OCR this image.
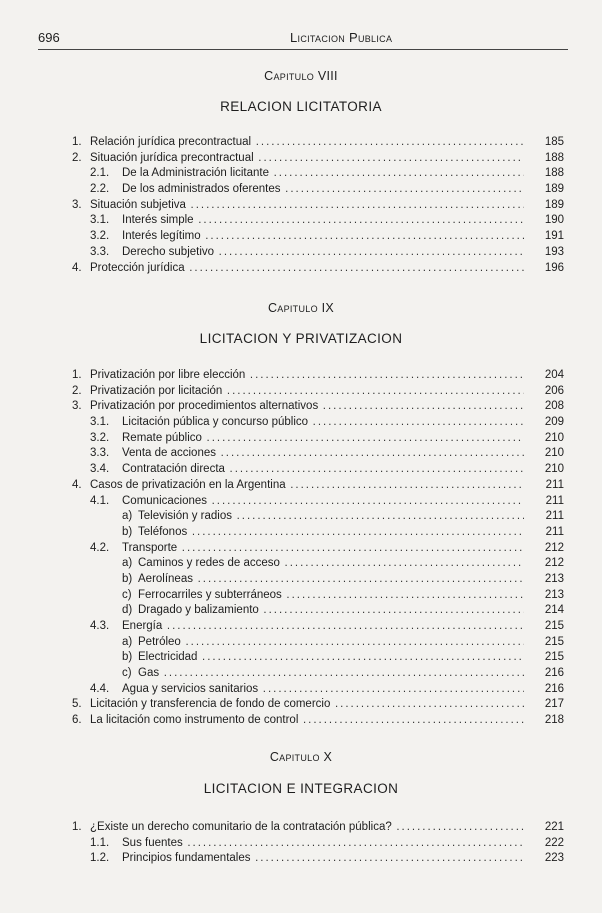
696	Licitacion Publica
Capitulo VIII
RELACION LICITATORIA
1. Relación jurídica precontractual . . .	185
2. Situación jurídica precontractual . . .	188
2.1. De la Administración licitante . . .	188
2.2. De los administrados oferentes . . .	189
3. Situación subjetiva . . .	189
3.1. Interés simple . . .	190
3.2. Interés legítimo . . .	191
3.3. Derecho subjetivo . . .	193
4. Protección jurídica . . .	196
Capitulo IX
LICITACION Y PRIVATIZACION
1. Privatización por libre elección . . .	204
2. Privatización por licitación . . .	206
3. Privatización por procedimientos alternativos . . .	208
3.1. Licitación pública y concurso público . . .	209
3.2. Remate público . . .	210
3.3. Venta de acciones . . .	210
3.4. Contratación directa . . .	210
4. Casos de privatización en la Argentina . . .	211
4.1. Comunicaciones . . .	211
a) Televisión y radios . . .	211
b) Teléfonos . . .	211
4.2. Transporte . . .	212
a) Caminos y redes de acceso . . .	212
b) Aerolíneas . . .	213
c) Ferrocarriles y subterráneos . . .	213
d) Dragado y balizamiento . . .	214
4.3. Energía . . .	215
a) Petróleo . . .	215
b) Electricidad . . .	215
c) Gas . . .	216
4.4. Agua y servicios sanitarios . . .	216
5. Licitación y transferencia de fondo de comercio . . .	217
6. La licitación como instrumento de control . . .	218
Capitulo X
LICITACION E INTEGRACION
1. ¿Existe un derecho comunitario de la contratación pública? . . .	221
1.1. Sus fuentes . . .	222
1.2. Principios fundamentales . . .	223
